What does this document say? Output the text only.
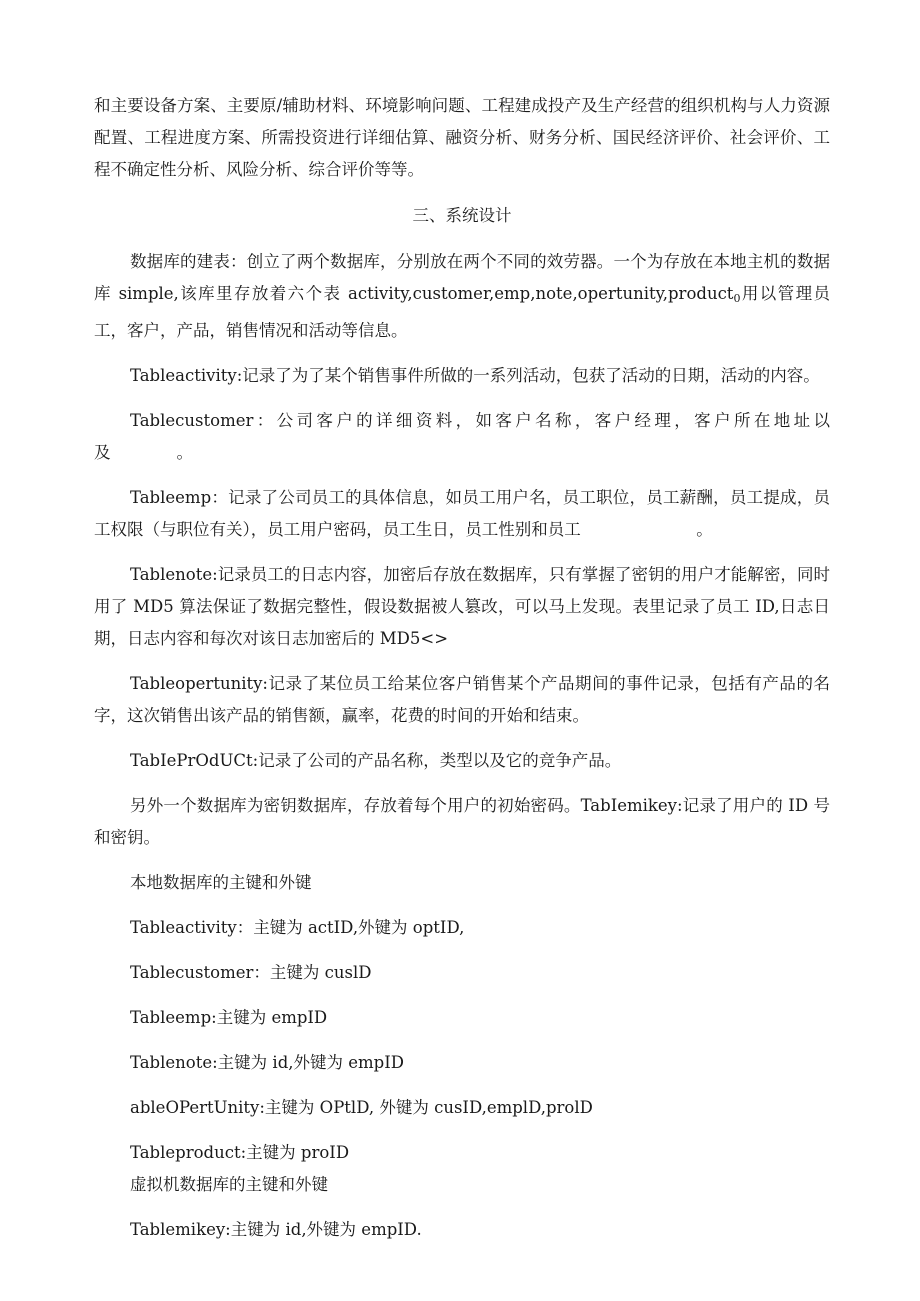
和主要设备方案、主要原/辅助材料、环境影响问题、工程建成投产及生产经营的组织机构与人力资源配置、工程进度方案、所需投资进行详细估算、融资分析、财务分析、国民经济评价、社会评价、工程不确定性分析、风险分析、综合评价等等。

三、系统设计

数据库的建表：创立了两个数据库，分别放在两个不同的效劳器。一个为存放在本地主机的数据库 simple,该库里存放着六个表 activity,customer,emp,note,opertunity,product$_0$用以管理员工，客户，产品，销售情况和活动等信息。

Tableactivity:记录了为了某个销售事件所做的一系列活动，包获了活动的日期，活动的内容。

Tablecustomer：公司客户的详细资料，如客户名称，客户经理，客户所在地址以及　　　　。

Tableemp：记录了公司员工的具体信息，如员工用户名，员工职位，员工薪酬，员工提成，员工权限（与职位有关），员工用户密码，员工生日，员工性别和员工　　　　　　　。

Tablenote:记录员工的日志内容，加密后存放在数据库，只有掌握了密钥的用户才能解密，同时用了 MD5 算法保证了数据完整性，假设数据被人篡改，可以马上发现。表里记录了员工 ID,日志日期，日志内容和每次对该日志加密后的 MD5<>

Tableopertunity:记录了某位员工给某位客户销售某个产品期间的事件记录，包括有产品的名字，这次销售出该产品的销售额，赢率，花费的时间的开始和结束。

TabIePrOdUCt:记录了公司的产品名称，类型以及它的竞争产品。

另外一个数据库为密钥数据库，存放着每个用户的初始密码。TabIemikey:记录了用户的 ID 号和密钥。

本地数据库的主键和外键

Tableactivity：主键为 actID,外键为 optID,

Tablecustomer：主键为 cuslD

Tableemp:主键为 empID

Tablenote:主键为 id,外键为 empID

ableOPertUnity:主键为 OPtlD, 外键为 cusID,emplD,prolD

Tableproduct:主键为 proID

虚拟机数据库的主键和外键

Tablemikey:主键为 id,外键为 empID.
